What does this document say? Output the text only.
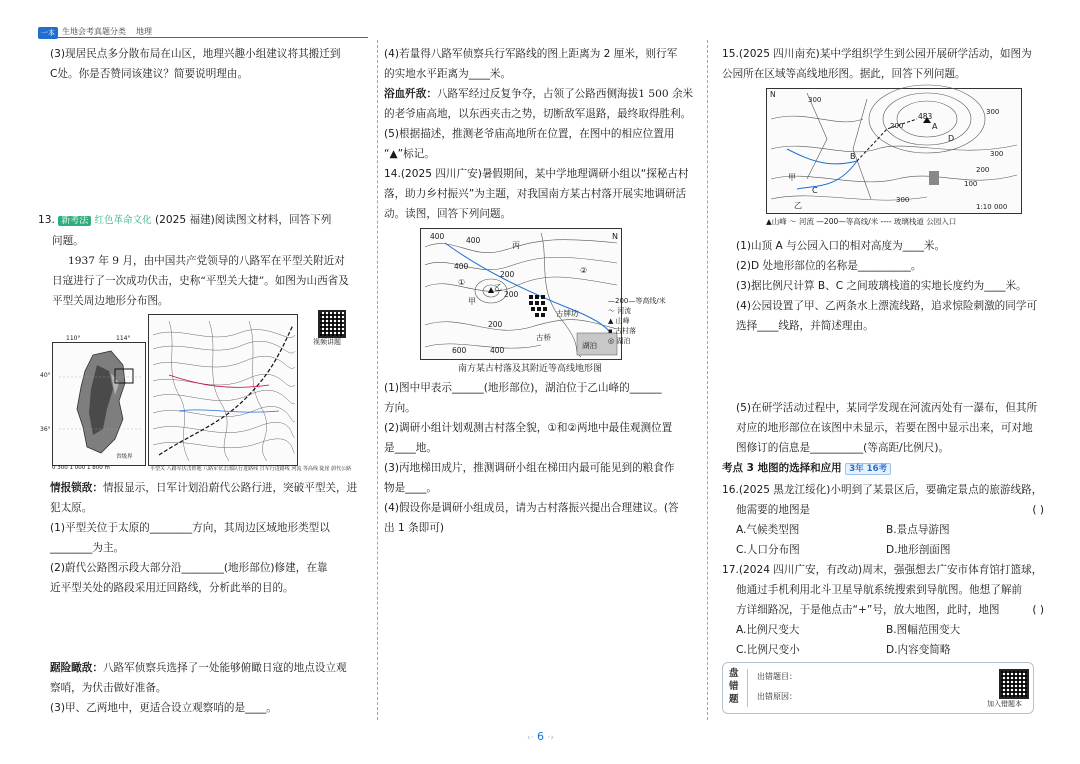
一本 生地会考真题分类 地理

(3)现居民点多分散布局在山区，地理兴趣小组建议将其搬迁到

C处。你是否赞同该建议？简要说明理由。

13. 新考法 红色革命文化 (2025 福建)阅读图文材料，回答下列

问题。

1937 年 9 月，由中国共产党领导的八路军在平型关附近对

日寇进行了一次成功伏击，史称“平型关大捷”。如图为山西省及

平型关周边地形分布图。

视频讲题
110°	114°
40°
36°
0 300 1 000 1 800 m
省级界
平型关 八路军伏击阵地 八路军伏击部队行进路线 日军行进路线 河流 等高线 陡崖 蔚代公路

情报锁敌：情报显示，日军计划沿蔚代公路行进，突破平型关，进

犯太原。

(1)平型关位于太原的________方向，其周边区域地形类型以

________为主。

(2)蔚代公路图示段大部分沿________(地形部位)修建，在靠

近平型关处的路段采用迂回路线，分析此举的目的。

踞险瞰敌：八路军侦察兵选择了一处能够俯瞰日寇的地点设立观

察哨，为伏击做好准备。

(3)甲、乙两地中，更适合设立观察哨的是____。

(4)若量得八路军侦察兵行军路线的图上距离为 2 厘米，则行军

的实地水平距离为____米。

浴血歼敌：八路军经过反复争夺，占领了公路西侧海拔1 500 余米

的老爷庙高地，以东西夹击之势，切断敌军退路，最终取得胜利。

(5)根据描述，推测老爷庙高地所在位置，在图中的相应位置用

“▲”标记。

14.(2025 四川广安)暑假期间，某中学地理调研小组以“探秘古村

落，助力乡村振兴”为主题，对我国南方某古村落开展实地调研活

动。读图，回答下列问题。

400	400
400
200
200
200
600	400
甲
乙
丙
①
②
古牌坊
古桥
湖泊
N
—200—等高线/米
〜 河流
▲ 山峰
▪ 古村落
◎ 湖泊
南方某古村落及其附近等高线地形图

(1)图中甲表示______(地形部位)，湖泊位于乙山峰的______

方向。

(2)调研小组计划观测古村落全貌，①和②两地中最佳观测位置

是____地。

(3)丙地梯田成片，推测调研小组在梯田内最可能见到的粮食作

物是____。

(4)假设你是调研小组成员，请为古村落振兴提出合理建议。(答

出 1 条即可)

15.(2025 四川南充)某中学组织学生到公园开展研学活动，如图为

公园所在区域等高线地形图。据此，回答下列问题。

N
483
A
B
C
D
甲
乙
300
300
300
200
200
100
300
1:10 000
▲山峰 ～ 河流 —200—等高线/米 ---- 玻璃栈道 公园入口

(1)山顶 A 与公园入口的相对高度为____米。

(2)D 处地形部位的名称是__________。

(3)据比例尺计算 B、C 之间玻璃栈道的实地长度约为____米。

(4)公园设置了甲、乙两条水上漂流线路，追求惊险刺激的同学可

选择____线路，并简述理由。

(5)在研学活动过程中，某同学发现在河流丙处有一瀑布，但其所

对应的地形部位在该图中未显示，若要在图中显示出来，可对地

图修订的信息是__________(等高距/比例尺)。

考点 3 地图的选择和应用 3年 16考

16.(2025 黑龙江绥化)小明到了某景区后，要确定景点的旅游线路，

他需要的地图是	( )

A.气候类型图	B.景点导游图

C.人口分布图	D.地形剖面图

17.(2024 四川广安，有改动)周末，强强想去广安市体育馆打篮球，

他通过手机利用北斗卫星导航系统搜索到导航图。他想了解前

方详细路况，于是他点击“+”号，放大地图，此时，地图	( )

A.比例尺变大	B.图幅范围变大

C.比例尺变小	D.内容变简略

盘错题
出错题目：
出错原因：
加入错题本
‹· 6 ·›
